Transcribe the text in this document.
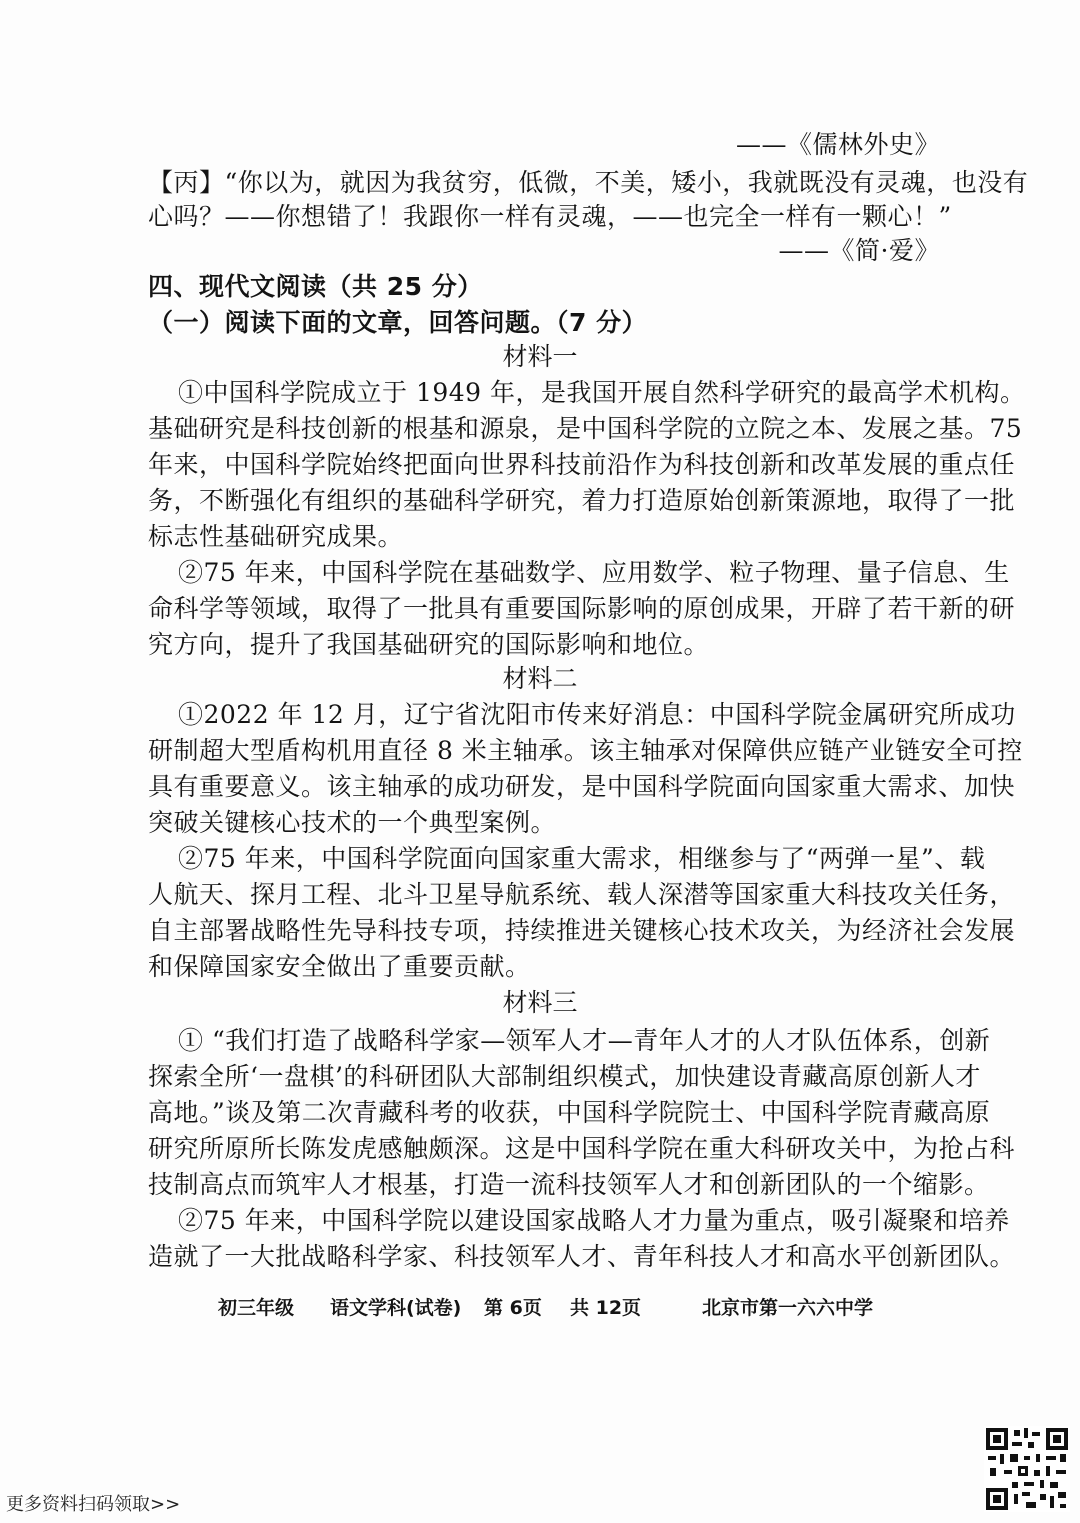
——《儒林外史》
【丙】“你以为，就因为我贫穷，低微，不美，矮小，我就既没有灵魂，也没有
心吗？——你想错了！我跟你一样有灵魂，——也完全一样有一颗心！”
——《简·爱》
四、现代文阅读（共 25 分）
（一）阅读下面的文章，回答问题。（7 分）
材料一
①中国科学院成立于 1949 年，是我国开展自然科学研究的最高学术机构。
基础研究是科技创新的根基和源泉，是中国科学院的立院之本、发展之基。75
年来，中国科学院始终把面向世界科技前沿作为科技创新和改革发展的重点任
务，不断强化有组织的基础科学研究，着力打造原始创新策源地，取得了一批
标志性基础研究成果。
②75 年来，中国科学院在基础数学、应用数学、粒子物理、量子信息、生
命科学等领域，取得了一批具有重要国际影响的原创成果，开辟了若干新的研
究方向，提升了我国基础研究的国际影响和地位。
材料二
①2022 年 12 月，辽宁省沈阳市传来好消息：中国科学院金属研究所成功
研制超大型盾构机用直径 8 米主轴承。该主轴承对保障供应链产业链安全可控
具有重要意义。该主轴承的成功研发，是中国科学院面向国家重大需求、加快
突破关键核心技术的一个典型案例。
②75 年来，中国科学院面向国家重大需求，相继参与了“两弹一星”、载
人航天、探月工程、北斗卫星导航系统、载人深潜等国家重大科技攻关任务，
自主部署战略性先导科技专项，持续推进关键核心技术攻关，为经济社会发展
和保障国家安全做出了重要贡献。
材料三
① “我们打造了战略科学家—领军人才—青年人才的人才队伍体系，创新
探索全所‘一盘棋’的科研团队大部制组织模式，加快建设青藏高原创新人才
高地。”谈及第二次青藏科考的收获，中国科学院院士、中国科学院青藏高原
研究所原所长陈发虎感触颇深。这是中国科学院在重大科研攻关中，为抢占科
技制高点而筑牢人才根基，打造一流科技领军人才和创新团队的一个缩影。
②75 年来，中国科学院以建设国家战略人才力量为重点，吸引凝聚和培养
造就了一大批战略科学家、科技领军人才、青年科技人才和高水平创新团队。
初三年级 语文学科(试卷) 第 6页 共 12页	北京市第一六六中学
更多资料扫码领取>>
